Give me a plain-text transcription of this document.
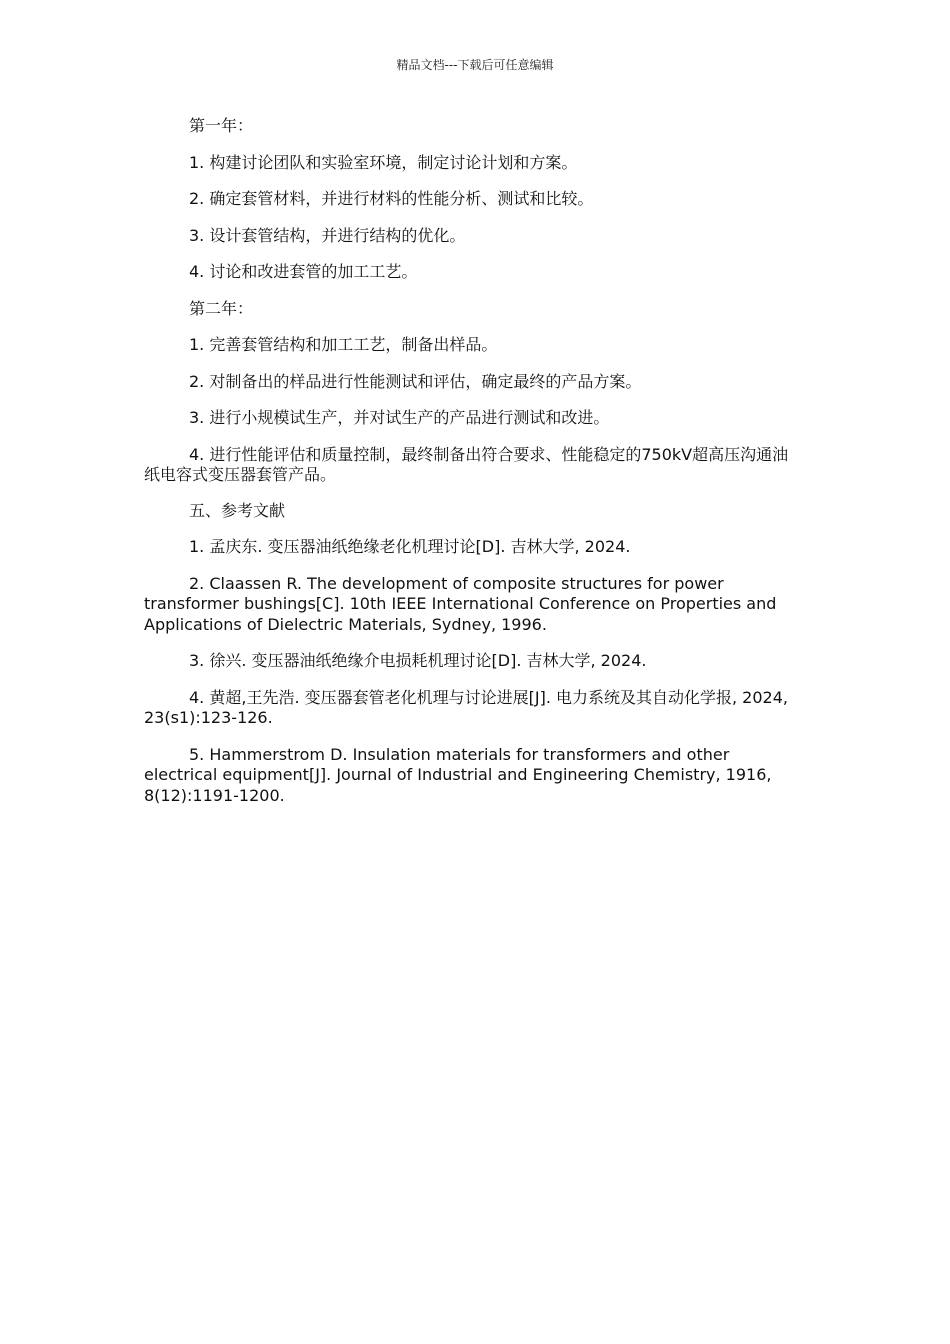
精品文档---下载后可任意编辑

第一年：

1. 构建讨论团队和实验室环境，制定讨论计划和方案。

2. 确定套管材料，并进行材料的性能分析、测试和比较。

3. 设计套管结构，并进行结构的优化。

4. 讨论和改进套管的加工工艺。

第二年：

1. 完善套管结构和加工工艺，制备出样品。

2. 对制备出的样品进行性能测试和评估，确定最终的产品方案。

3. 进行小规模试生产，并对试生产的产品进行测试和改进。

4. 进行性能评估和质量控制，最终制备出符合要求、性能稳定的750kV超高压沟通油纸电容式变压器套管产品。

五、参考文献

1. 孟庆东. 变压器油纸绝缘老化机理讨论[D]. 吉林大学, 2024.

2. Claassen R. The development of composite structures for power transformer bushings[C]. 10th IEEE International Conference on Properties and Applications of Dielectric Materials, Sydney, 1996.

3. 徐兴. 变压器油纸绝缘介电损耗机理讨论[D]. 吉林大学, 2024.

4. 黄超,王先浩. 变压器套管老化机理与讨论进展[J]. 电力系统及其自动化学报, 2024, 23(s1):123-126.

5. Hammerstrom D. Insulation materials for transformers and other electrical equipment[J]. Journal of Industrial and Engineering Chemistry, 1916, 8(12):1191-1200.
